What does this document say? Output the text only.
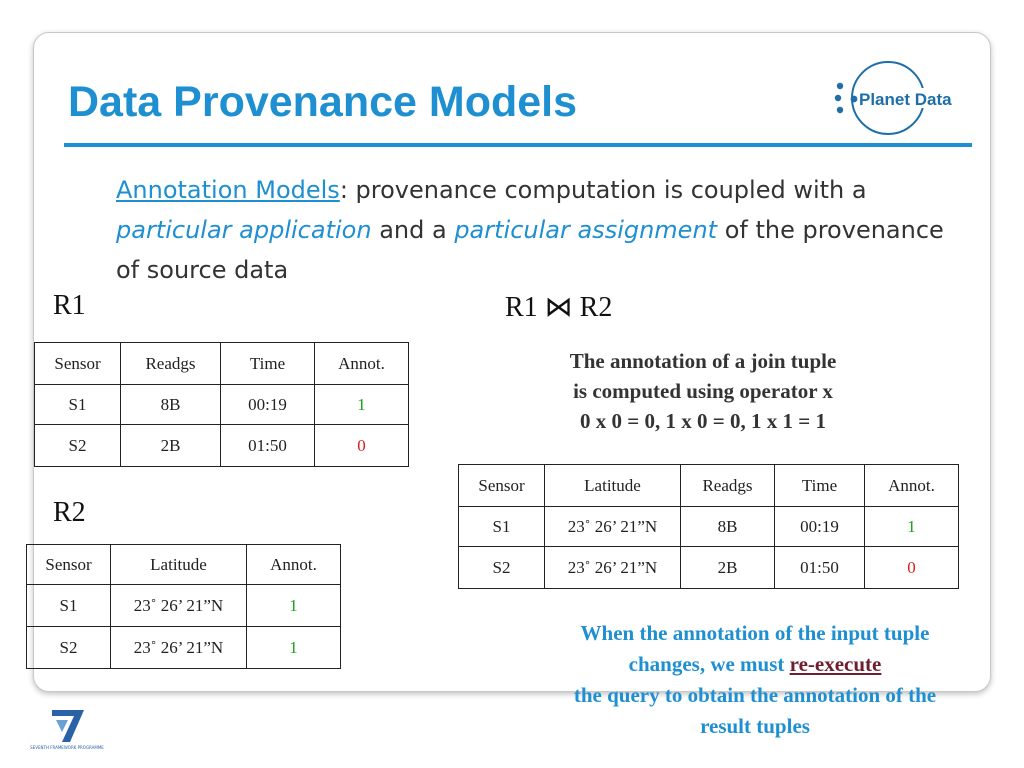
Data Provenance Models	Planet Data

Annotation Models: provenance computation is coupled with a particular application and a particular assignment of the provenance of source data

R1
Sensor	Readgs	Time	Annot.
S1	8B	00:19	1
S2	2B	01:50	0
R2
Sensor	Latitude	Annot.
S1	23˚ 26’ 21”N	1
S2	23˚ 26’ 21”N	1
R1 ⋈ R2
The annotation of a join tuple
is computed using operator x
0 x 0 = 0, 1 x 0 = 0, 1 x 1 = 1
Sensor	Latitude	Readgs	Time	Annot.
S1	23˚ 26’ 21”N	8B	00:19	1
S2	23˚ 26’ 21”N	2B	01:50	0
When the annotation of the input tuple
changes, we must re-execute
the query to obtain the annotation of the
result tuples
SEVENTH FRAMEWORK PROGRAMME
